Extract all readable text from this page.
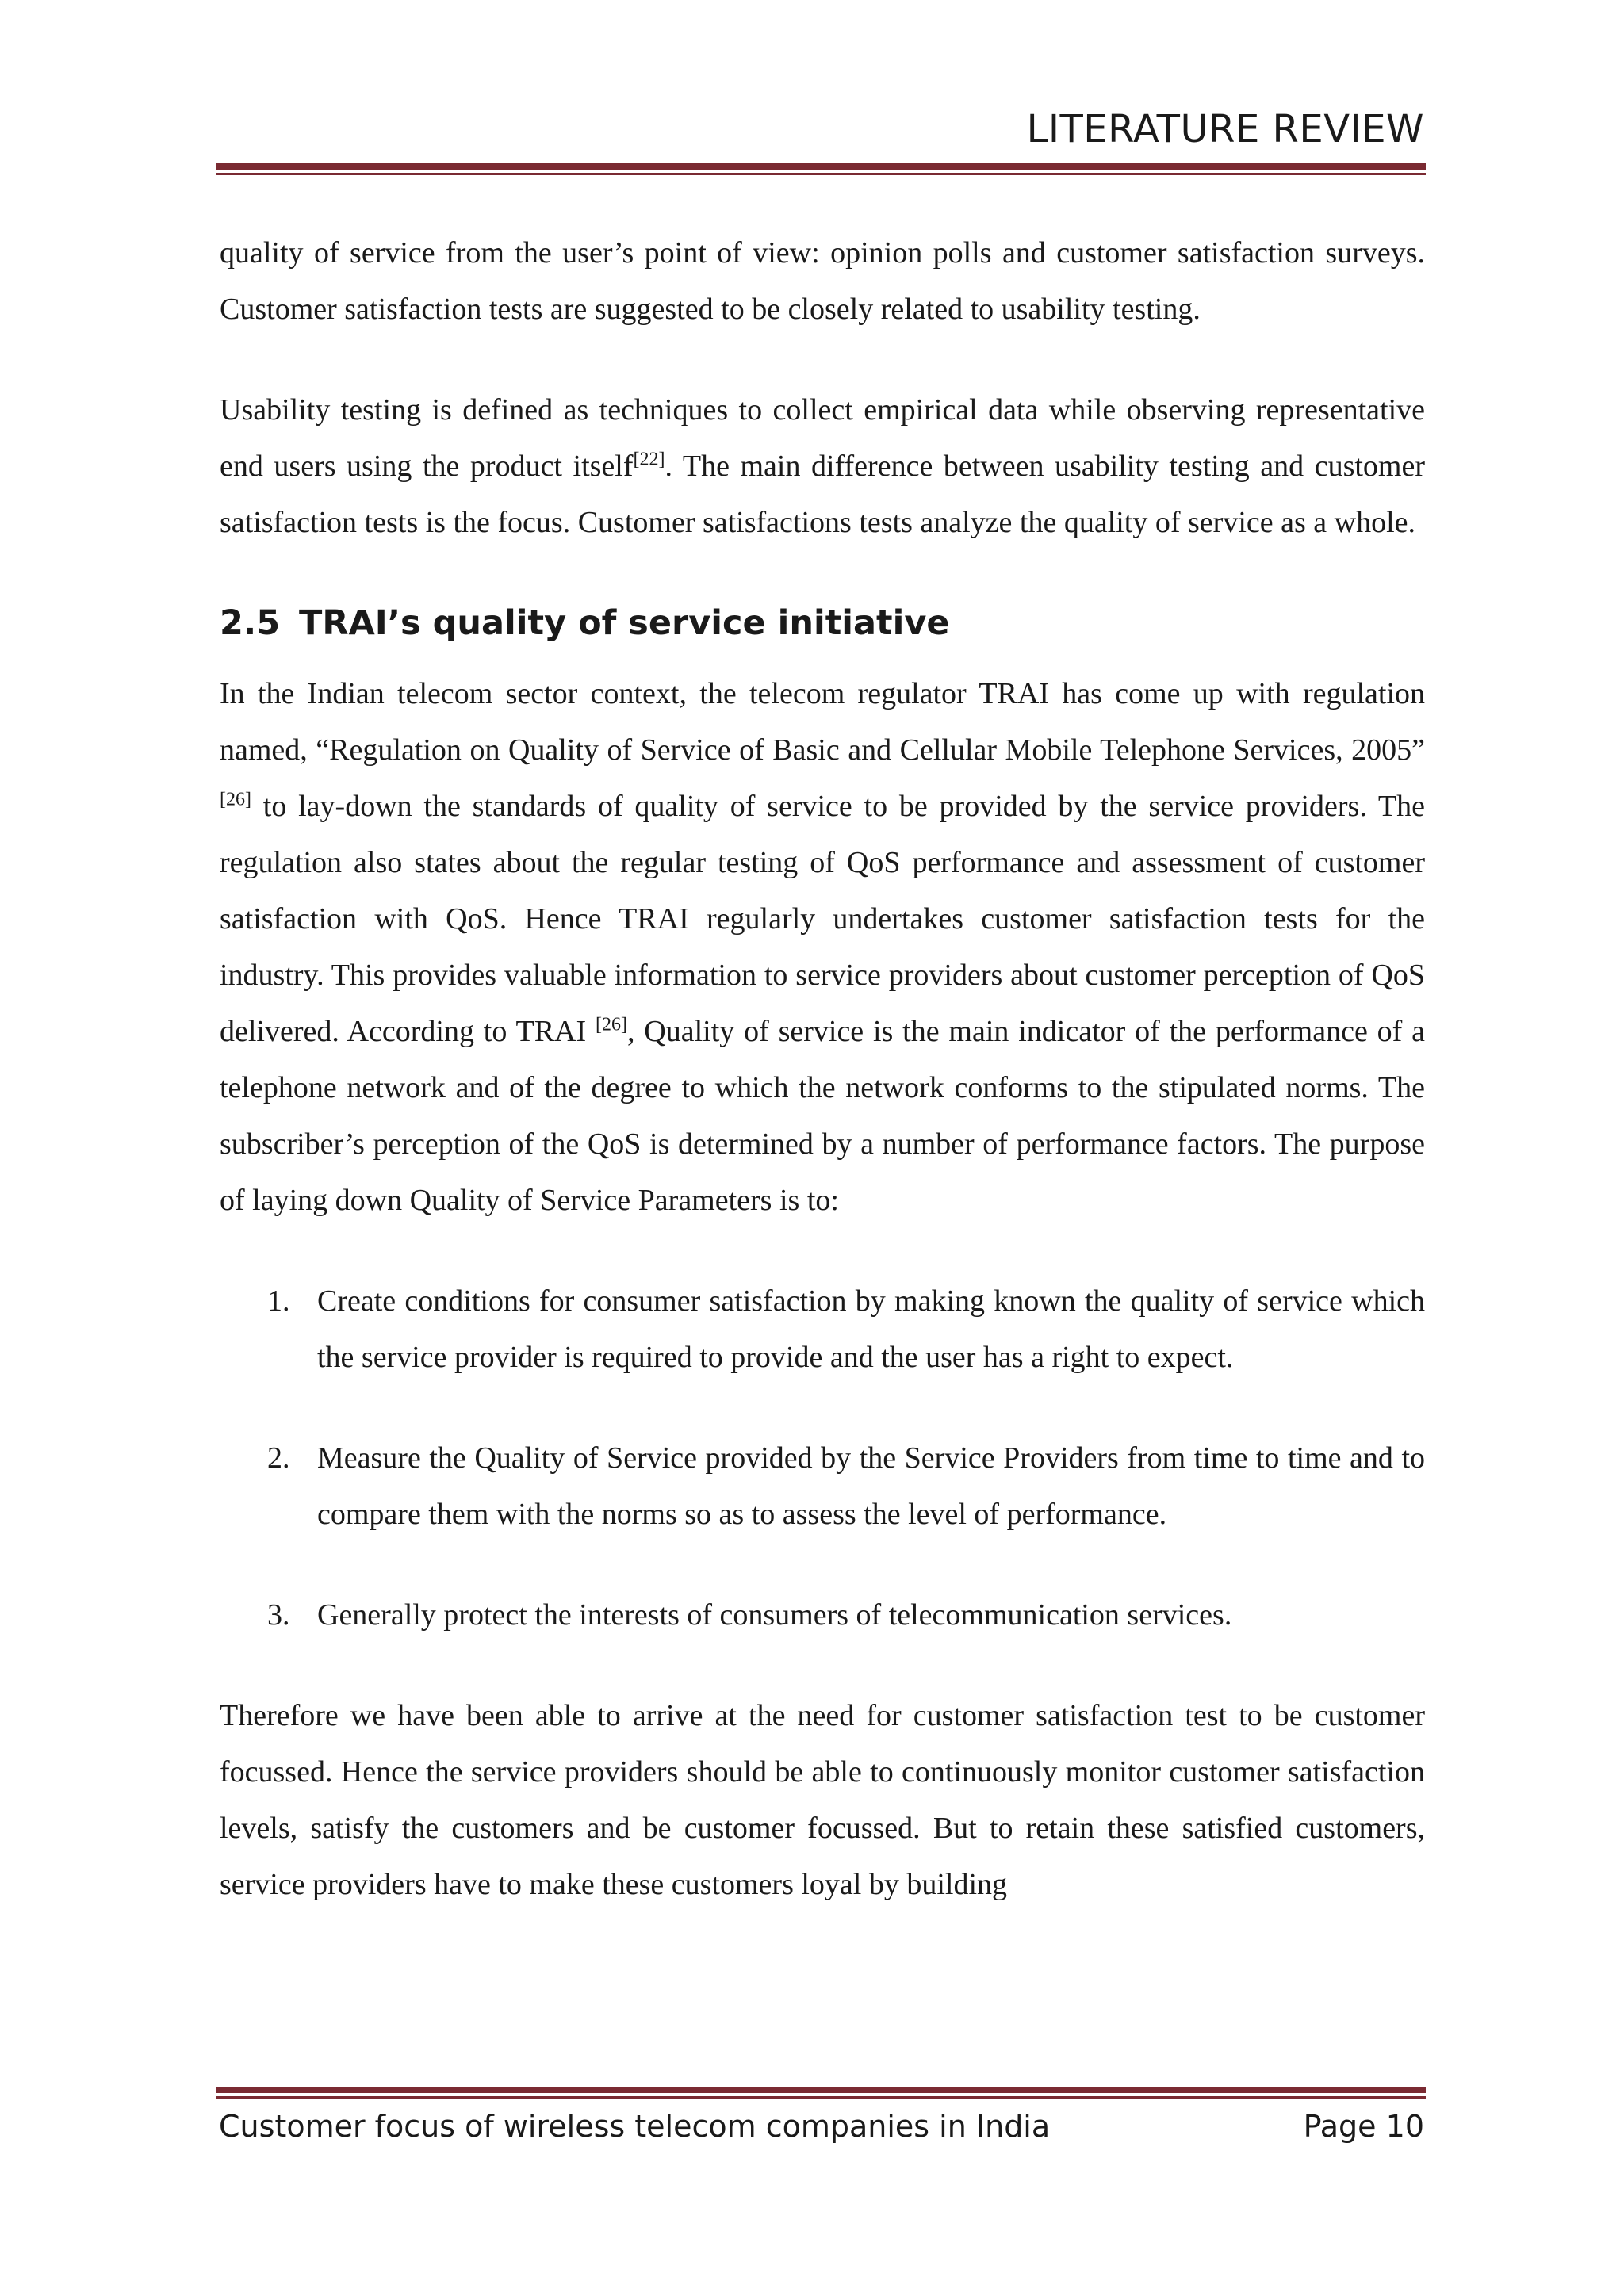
LITERATURE REVIEW

quality of service from the user’s point of view: opinion polls and customer satisfaction surveys. Customer satisfaction tests are suggested to be closely related to usability testing.

Usability testing is defined as techniques to collect empirical data while observing representative end users using the product itself[22]. The main difference between usability testing and customer satisfaction tests is the focus. Customer satisfactions tests analyze the quality of service as a whole.

2.5 TRAI’s quality of service initiative

In the Indian telecom sector context, the telecom regulator TRAI has come up with regulation named, “Regulation on Quality of Service of Basic and Cellular Mobile Telephone Services, 2005” [26] to lay-down the standards of quality of service to be provided by the service providers. The regulation also states about the regular testing of QoS performance and assessment of customer satisfaction with QoS. Hence TRAI regularly undertakes customer satisfaction tests for the industry. This provides valuable information to service providers about customer perception of QoS delivered. According to TRAI [26], Quality of service is the main indicator of the performance of a telephone network and of the degree to which the network conforms to the stipulated norms. The subscriber’s perception of the QoS is determined by a number of performance factors. The purpose of laying down Quality of Service Parameters is to:

1. Create conditions for consumer satisfaction by making known the quality of service which the service provider is required to provide and the user has a right to expect.
2. Measure the Quality of Service provided by the Service Providers from time to time and to compare them with the norms so as to assess the level of performance.
3. Generally protect the interests of consumers of telecommunication services.

Therefore we have been able to arrive at the need for customer satisfaction test to be customer focussed. Hence the service providers should be able to continuously monitor customer satisfaction levels, satisfy the customers and be customer focussed. But to retain these satisfied customers, service providers have to make these customers loyal by building

Customer focus of wireless telecom companies in India	Page 10
